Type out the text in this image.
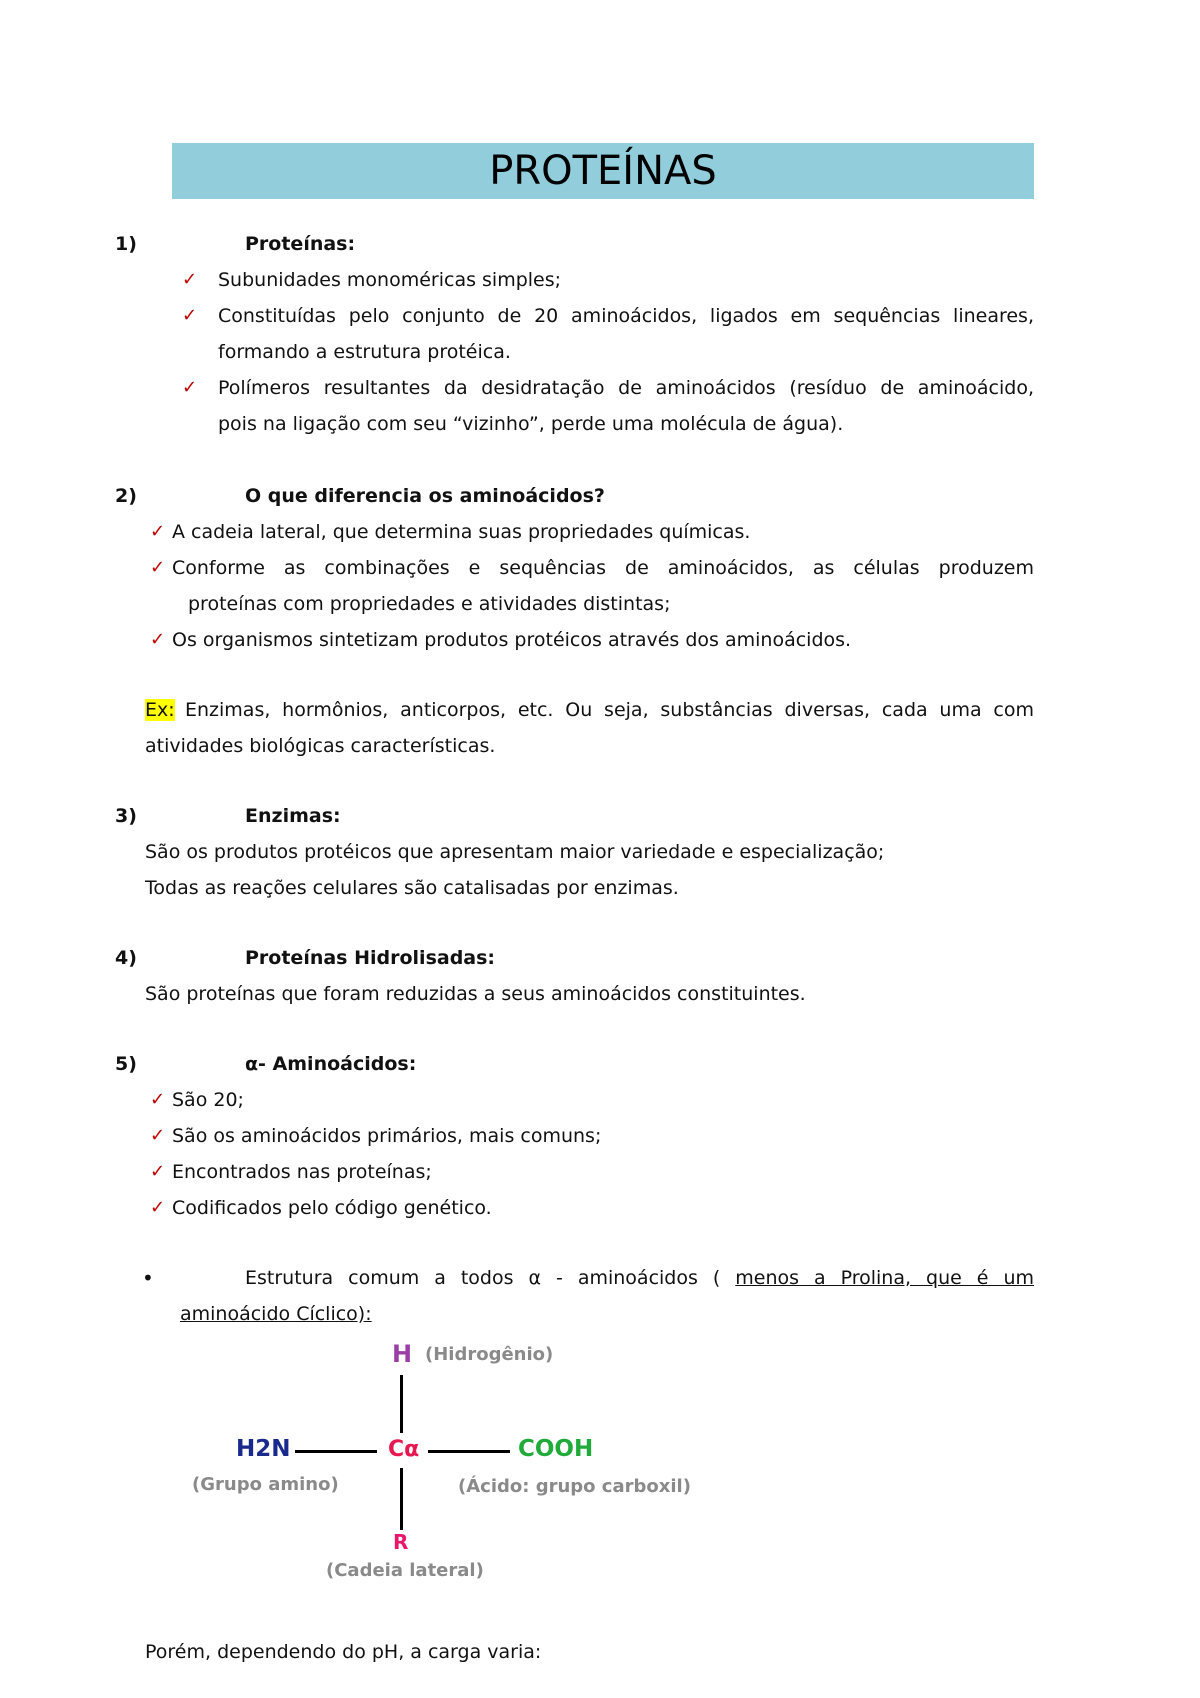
PROTEÍNAS
1)	Proteínas:
✓ Subunidades monoméricas simples;
✓ Constituídas pelo conjunto de 20 aminoácidos, ligados em sequências lineares,
formando a estrutura protéica.
✓ Polímeros resultantes da desidratação de aminoácidos (resíduo de aminoácido,
pois na ligação com seu “vizinho”, perde uma molécula de água).
2)	O que diferencia os aminoácidos?
✓ A cadeia lateral, que determina suas propriedades químicas.
✓ Conforme as combinações e sequências de aminoácidos, as células produzem
proteínas com propriedades e atividades distintas;
✓ Os organismos sintetizam produtos protéicos através dos aminoácidos.
Ex: Enzimas, hormônios, anticorpos, etc. Ou seja, substâncias diversas, cada uma com
atividades biológicas características.
3)	Enzimas:
São os produtos protéicos que apresentam maior variedade e especialização;
Todas as reações celulares são catalisadas por enzimas.
4)	Proteínas Hidrolisadas:
São proteínas que foram reduzidas a seus aminoácidos constituintes.
5)	α- Aminoácidos:
✓ São 20;
✓ São os aminoácidos primários, mais comuns;
✓ Encontrados nas proteínas;
✓ Codificados pelo código genético.
•	Estrutura comum a todos α - aminoácidos ( menos a Prolina, que é um
aminoácido Cíclico):
H (Hidrogênio)
H2N	Cα	COOH
(Grupo amino)	(Ácido: grupo carboxil)
R
(Cadeia lateral)
Porém, dependendo do pH, a carga varia:
